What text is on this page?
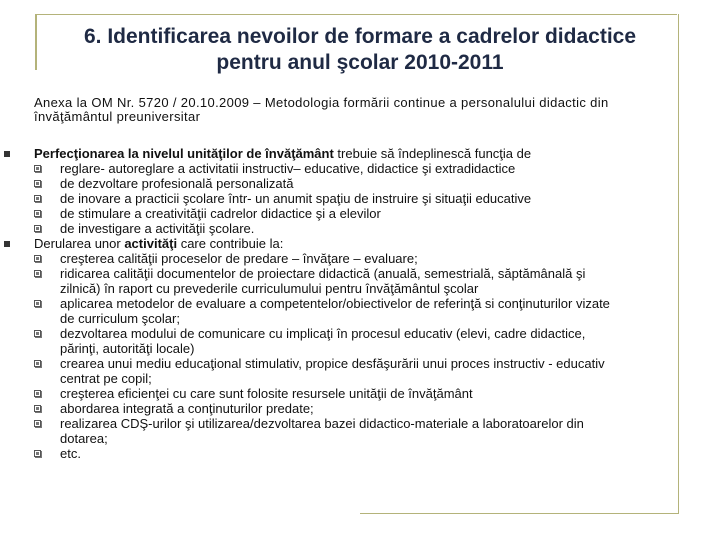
6. Identificarea nevoilor de formare a cadrelor didactice
pentru anul şcolar 2010-2011

Anexa la OM Nr. 5720 / 20.10.2009 – Metodologia formării continue a personalului didactic din
învăţământul preuniversitar

Perfecţionarea la nivelul unităţilor de învăţământ trebuie să îndeplinescă funcţia de
reglare- autoreglare a activitatii instructiv– educative, didactice şi extradidactice
de dezvoltare profesională personalizată
de inovare a practicii şcolare într- un anumit spaţiu de instruire şi situaţii educative
de stimulare a creativităţii cadrelor didactice şi a elevilor
de investigare a activităţii şcolare.
Derularea unor activităţi care contribuie la:
creşterea calităţii proceselor de predare – învăţare – evaluare;
ridicarea calităţii documentelor de proiectare didactică (anuală, semestrială, săptămânală şi
zilnică) în raport cu prevederile curriculumului pentru învăţământul şcolar
aplicarea metodelor de evaluare a competentelor/obiectivelor de referinţă si conţinuturilor vizate
de curriculum şcolar;
dezvoltarea modului de comunicare cu implicaţi în procesul educativ (elevi, cadre didactice,
părinţi, autorităţi locale)
crearea unui mediu educaţional stimulativ, propice desfăşurării unui proces instructiv - educativ
centrat pe copil;
creşterea eficienţei cu care sunt folosite resursele unităţii de învăţământ
abordarea integrată a conţinuturilor predate;
realizarea CDŞ-urilor şi utilizarea/dezvoltarea bazei didactico-materiale a laboratoarelor din
dotarea;
etc.
